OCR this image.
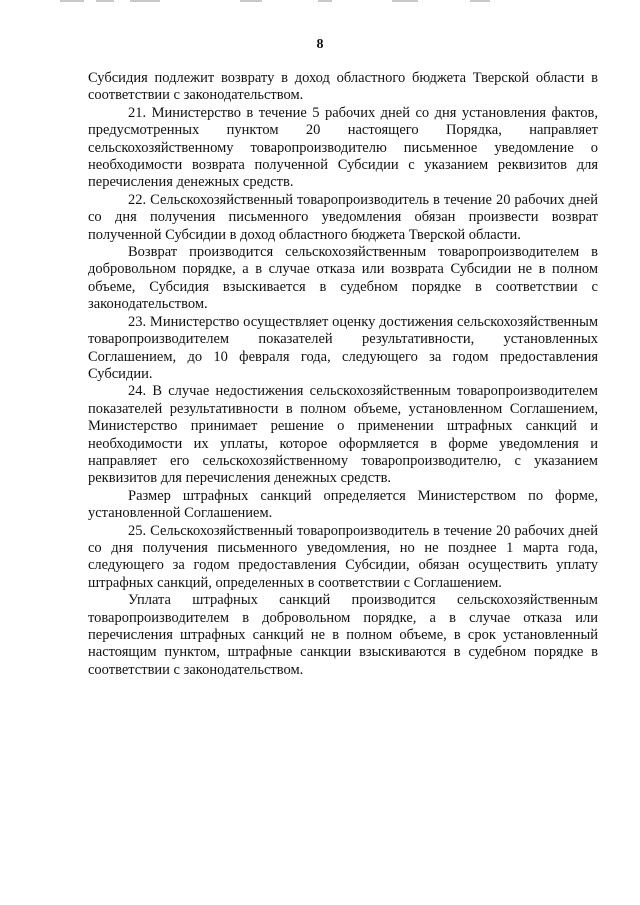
8

Субсидия подлежит возврату в доход областного бюджета Тверской области в соответствии с законодательством.

21. Министерство в течение 5 рабочих дней со дня установления фактов, предусмотренных пунктом 20 настоящего Порядка, направляет сельскохозяйственному товаропроизводителю письменное уведомление о необходимости возврата полученной Субсидии с указанием реквизитов для перечисления денежных средств.

22. Сельскохозяйственный товаропроизводитель в течение 20 рабочих дней со дня получения письменного уведомления обязан произвести возврат полученной Субсидии в доход областного бюджета Тверской области.

Возврат производится сельскохозяйственным товаропроизводителем в добровольном порядке, а в случае отказа или возврата Субсидии не в полном объеме, Субсидия взыскивается в судебном порядке в соответствии с законодательством.

23. Министерство осуществляет оценку достижения сельскохозяйственным товаропроизводителем показателей результативности, установленных Соглашением, до 10 февраля года, следующего за годом предоставления Субсидии.

24. В случае недостижения сельскохозяйственным товаропроизводителем показателей результативности в полном объеме, установленном Соглашением, Министерство принимает решение о применении штрафных санкций и необходимости их уплаты, которое оформляется в форме уведомления и направляет его сельскохозяйственному товаропроизводителю, с указанием реквизитов для перечисления денежных средств.

Размер штрафных санкций определяется Министерством по форме, установленной Соглашением.

25. Сельскохозяйственный товаропроизводитель в течение 20 рабочих дней со дня получения письменного уведомления, но не позднее 1 марта года, следующего за годом предоставления Субсидии, обязан осуществить уплату штрафных санкций, определенных в соответствии с Соглашением.

Уплата штрафных санкций производится сельскохозяйственным товаропроизводителем в добровольном порядке, а в случае отказа или перечисления штрафных санкций не в полном объеме, в срок установленный настоящим пунктом, штрафные санкции взыскиваются в судебном порядке в соответствии с законодательством.
